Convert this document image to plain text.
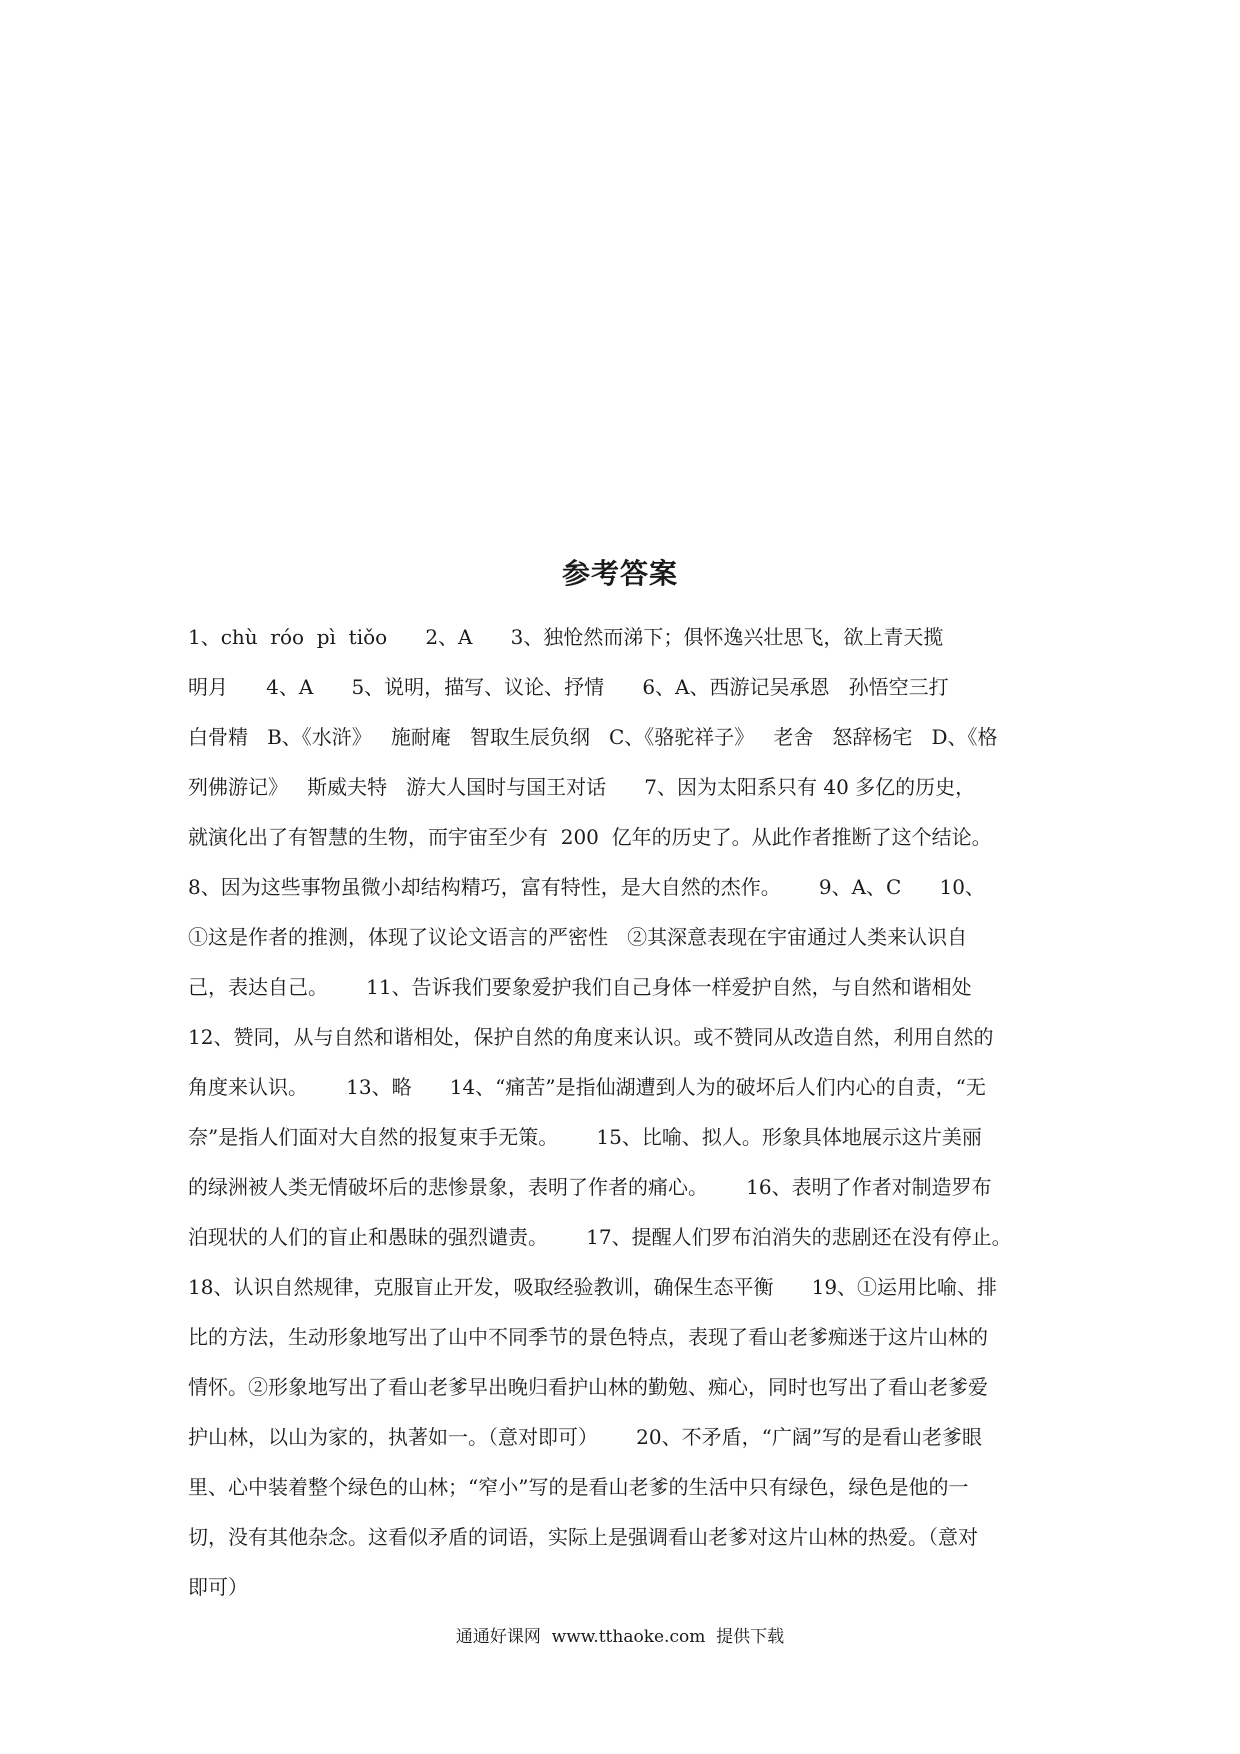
参考答案
1、chù  róo  pì  tiǒo      2、A      3、独怆然而涕下；俱怀逸兴壮思飞，欲上青天揽
明月      4、A      5、说明，描写、议论、抒情      6、A、西游记吴承恩   孙悟空三打
白骨精   B、《水浒》   施耐庵   智取生辰负纲   C、《骆驼祥子》   老舍   怒辞杨宅   D、《格
列佛游记》   斯威夫特   游大人国时与国王对话      7、因为太阳系只有 40 多亿的历史，
就演化出了有智慧的生物，而宇宙至少有  200  亿年的历史了。从此作者推断了这个结论。
8、因为这些事物虽微小却结构精巧，富有特性，是大自然的杰作。      9、A、C      10、
①这是作者的推测，体现了议论文语言的严密性   ②其深意表现在宇宙通过人类来认识自
己，表达自己。      11、告诉我们要象爱护我们自己身体一样爱护自然，与自然和谐相处
12、赞同，从与自然和谐相处，保护自然的角度来认识。或不赞同从改造自然，利用自然的
角度来认识。      13、略      14、“痛苦”是指仙湖遭到人为的破坏后人们内心的自责，“无
奈”是指人们面对大自然的报复束手无策。      15、比喻、拟人。形象具体地展示这片美丽
的绿洲被人类无情破坏后的悲惨景象，表明了作者的痛心。      16、表明了作者对制造罗布
泊现状的人们的盲止和愚昧的强烈谴责。      17、提醒人们罗布泊消失的悲剧还在没有停止。
18、认识自然规律，克服盲止开发，吸取经验教训，确保生态平衡      19、①运用比喻、排
比的方法，生动形象地写出了山中不同季节的景色特点，表现了看山老爹痴迷于这片山林的
情怀。②形象地写出了看山老爹早出晚归看护山林的勤勉、痴心，同时也写出了看山老爹爱
护山林，以山为家的，执著如一。（意对即可）      20、不矛盾，“广阔”写的是看山老爹眼
里、心中装着整个绿色的山林；“窄小”写的是看山老爹的生活中只有绿色，绿色是他的一
切，没有其他杂念。这看似矛盾的词语，实际上是强调看山老爹对这片山林的热爱。（意对
即可）
通通好课网  www.tthaoke.com  提供下载
